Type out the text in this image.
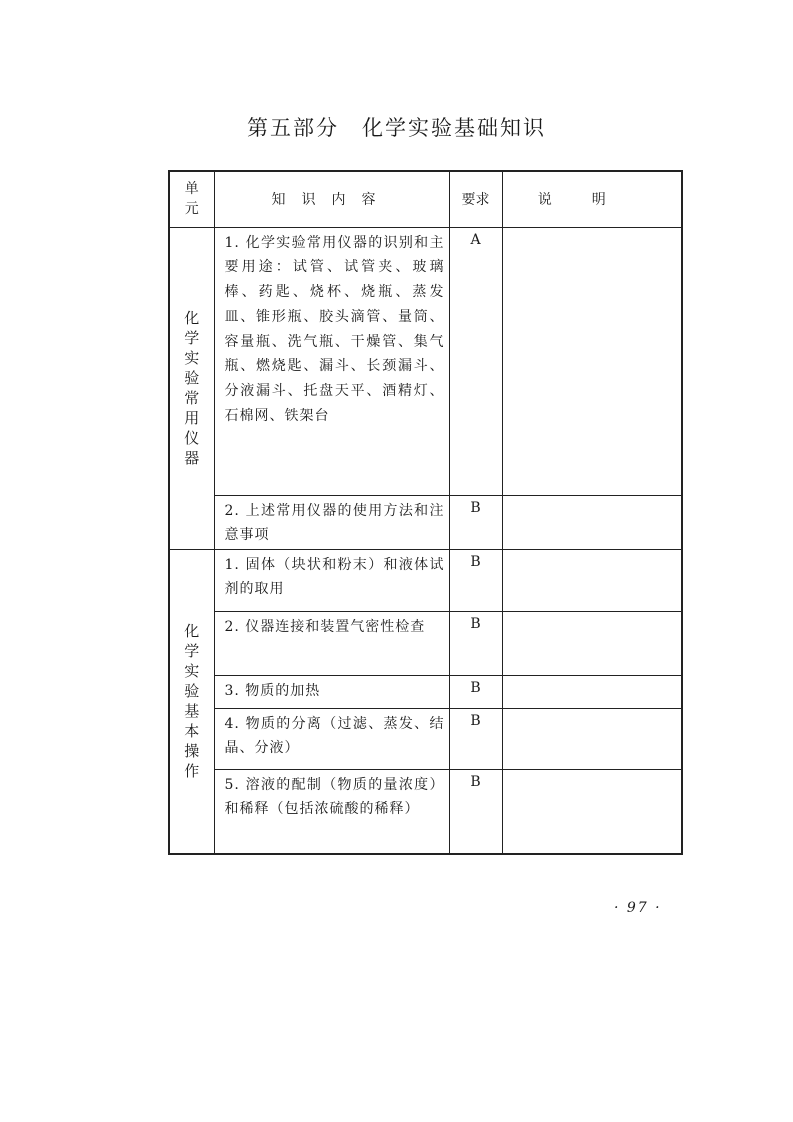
第五部分　化学实验基础知识
单元	知识内容	要求	说明

化学实验常用仪器	1. 化学实验常用仪器的识别和主要用途：试管、试管夹、玻璃棒、药匙、烧杯、烧瓶、蒸发皿、锥形瓶、胶头滴管、量筒、容量瓶、洗气瓶、干燥管、集气瓶、燃烧匙、漏斗、长颈漏斗、分液漏斗、托盘天平、酒精灯、石棉网、铁架台	A	
	2. 上述常用仪器的使用方法和注意事项	B	

化学实验基本操作	1. 固体（块状和粉末）和液体试剂的取用	B	
	2. 仪器连接和装置气密性检查	B	
	3. 物质的加热	B	
	4. 物质的分离（过滤、蒸发、结晶、分液）	B	
	5. 溶液的配制（物质的量浓度）和稀释（包括浓硫酸的稀释）	B	
· 97 ·
